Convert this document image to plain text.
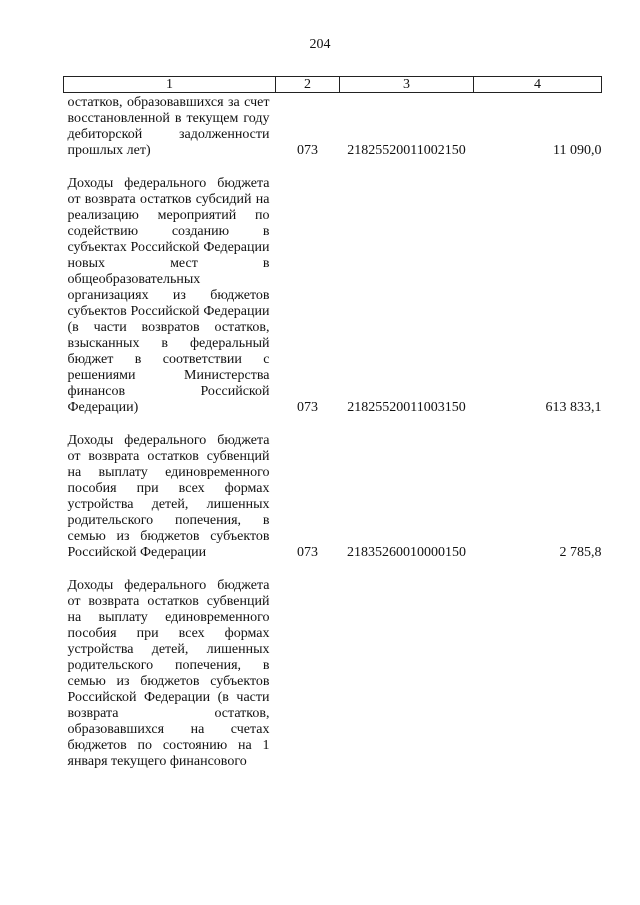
204
1	2	3	4
остатков, образовавшихся за счет восстановленной в текущем году дебиторской задолженности прошлых лет)	073	21825520011002150	11 090,0
Доходы федерального бюджета от возврата остатков субсидий на реализацию мероприятий по содействию созданию в субъектах Российской Федерации новых мест в общеобразовательных организациях из бюджетов субъектов Российской Федерации (в части возвратов остатков, взысканных в федеральный бюджет в соответствии с решениями Министерства финансов Российской Федерации)	073	21825520011003150	613 833,1
Доходы федерального бюджета от возврата остатков субвенций на выплату единовременного пособия при всех формах устройства детей, лишенных родительского попечения, в семью из бюджетов субъектов Российской Федерации	073	21835260010000150	2 785,8
Доходы федерального бюджета от возврата остатков субвенций на выплату единовременного пособия при всех формах устройства детей, лишенных родительского попечения, в семью из бюджетов субъектов Российской Федерации (в части возврата остатков, образовавшихся на счетах бюджетов по состоянию на 1 января текущего финансового			
